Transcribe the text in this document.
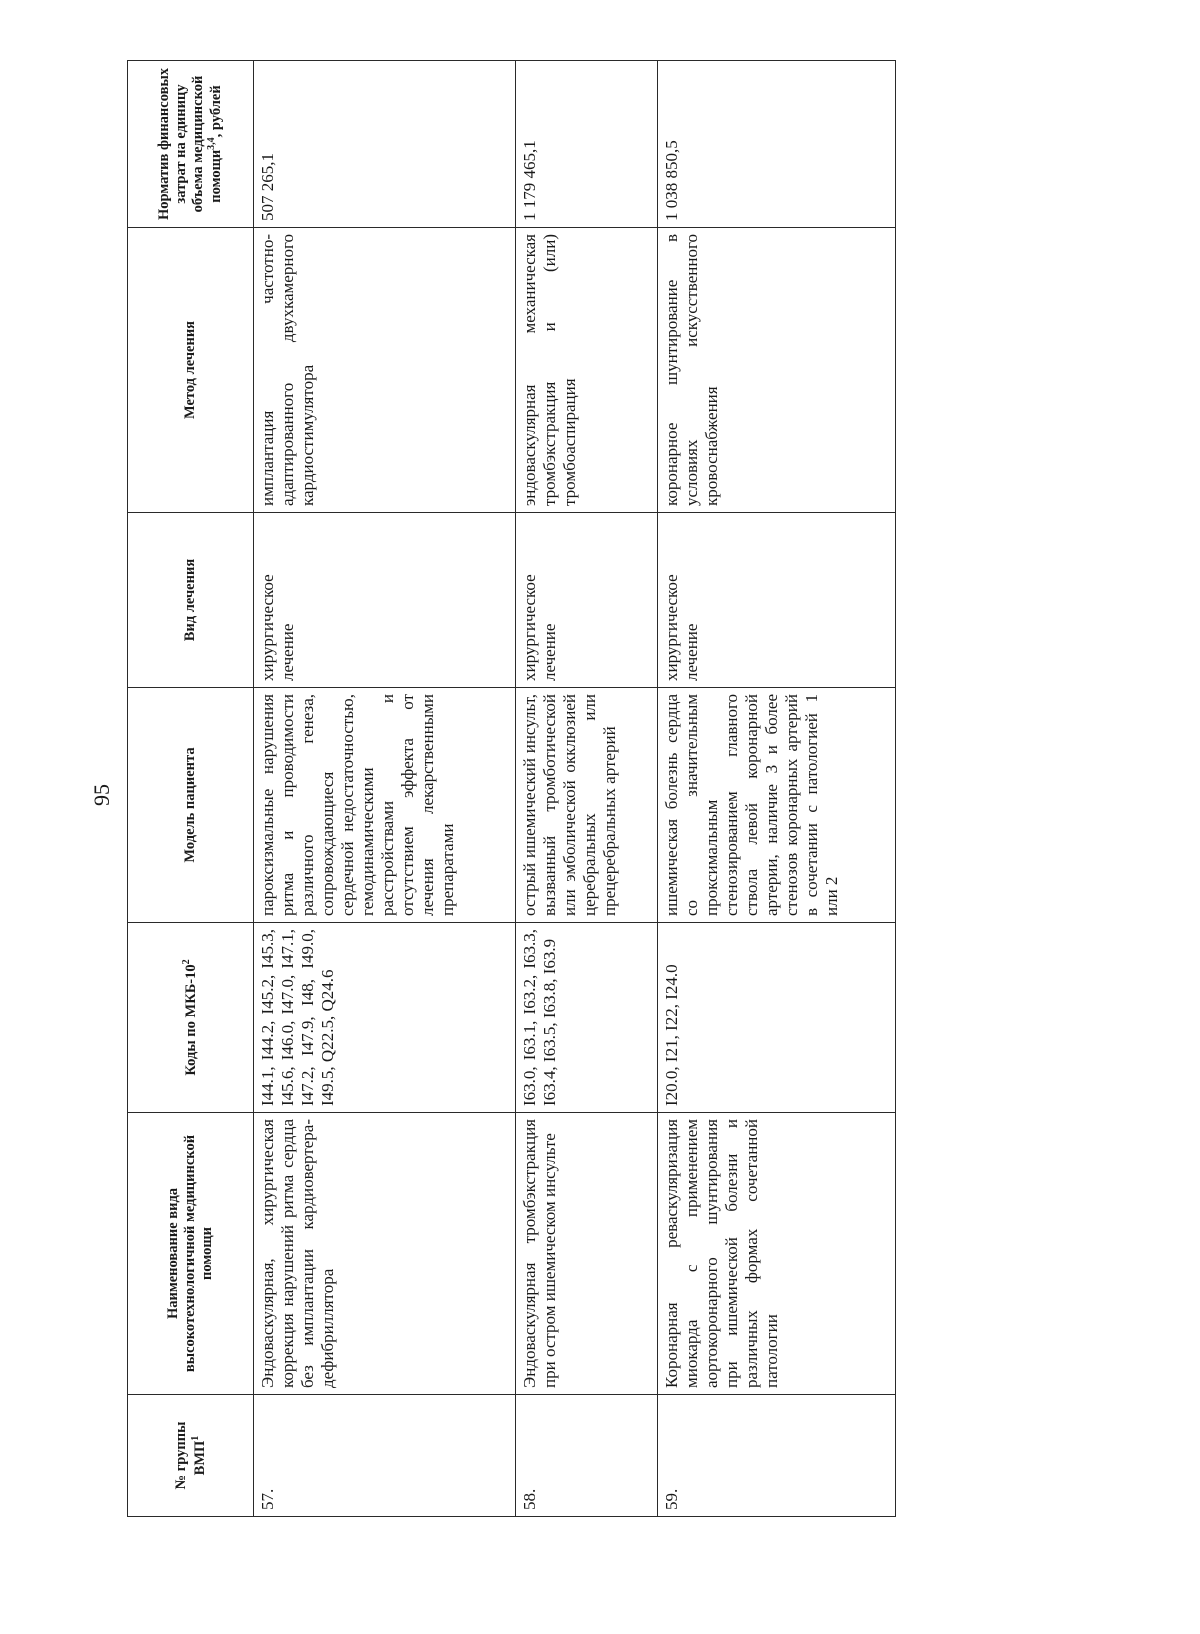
95
№ группы ВМП$^1$	Наименование вида высокотехнологичной медицинской помощи	Коды по МКБ-$10^2$	Модель пациента	Вид лечения	Метод лечения	Норматив финансовых затрат на единицу объема медицинской помощи$^{3,4}$, рублей
57.	Эндоваскулярная, хирургическая коррекция нарушений ритма сердца без имплантации кардиовертера-дефибриллятора	I44.1, I44.2, I45.2, I45.3, I45.6, I46.0, I47.0, I47.1, I47.2, I47.9, I48, I49.0, I49.5, Q22.5, Q24.6	пароксизмальные нарушения ритма и проводимости различного генеза, сопровождающиеся сердечной недостаточностью, гемодинамическими расстройствами и отсутствием эффекта от лечения лекарственными препаратами	хирургическое лечение	имплантация частотно-адаптированного двухкамерного кардиостимулятора	507 265,1
58.	Эндоваскулярная тромбэкстракция при остром ишемическом инсульте	I63.0, I63.1, I63.2, I63.3, I63.4, I63.5, I63.8, I63.9	острый ишемический инсульт, вызванный тромботической или эмболической окклюзией церебральных или прецеребральных артерий	хирургическое лечение	эндоваскулярная механическая тромбэкстракция и (или) тромбоаспирация	1 179 465,1
59.	Коронарная реваскуляризация миокарда с применением аортокоронарного шунтирования при ишемической болезни и различных формах сочетанной патологии	I20.0, I21, I22, I24.0	ишемическая болезнь сердца со значительным проксимальным стенозированием главного ствола левой коронарной артерии, наличие 3 и более стенозов коронарных артерий в сочетании с патологией 1 или 2	хирургическое лечение	коронарное шунтирование в условиях искусственного кровоснабжения	1 038 850,5
